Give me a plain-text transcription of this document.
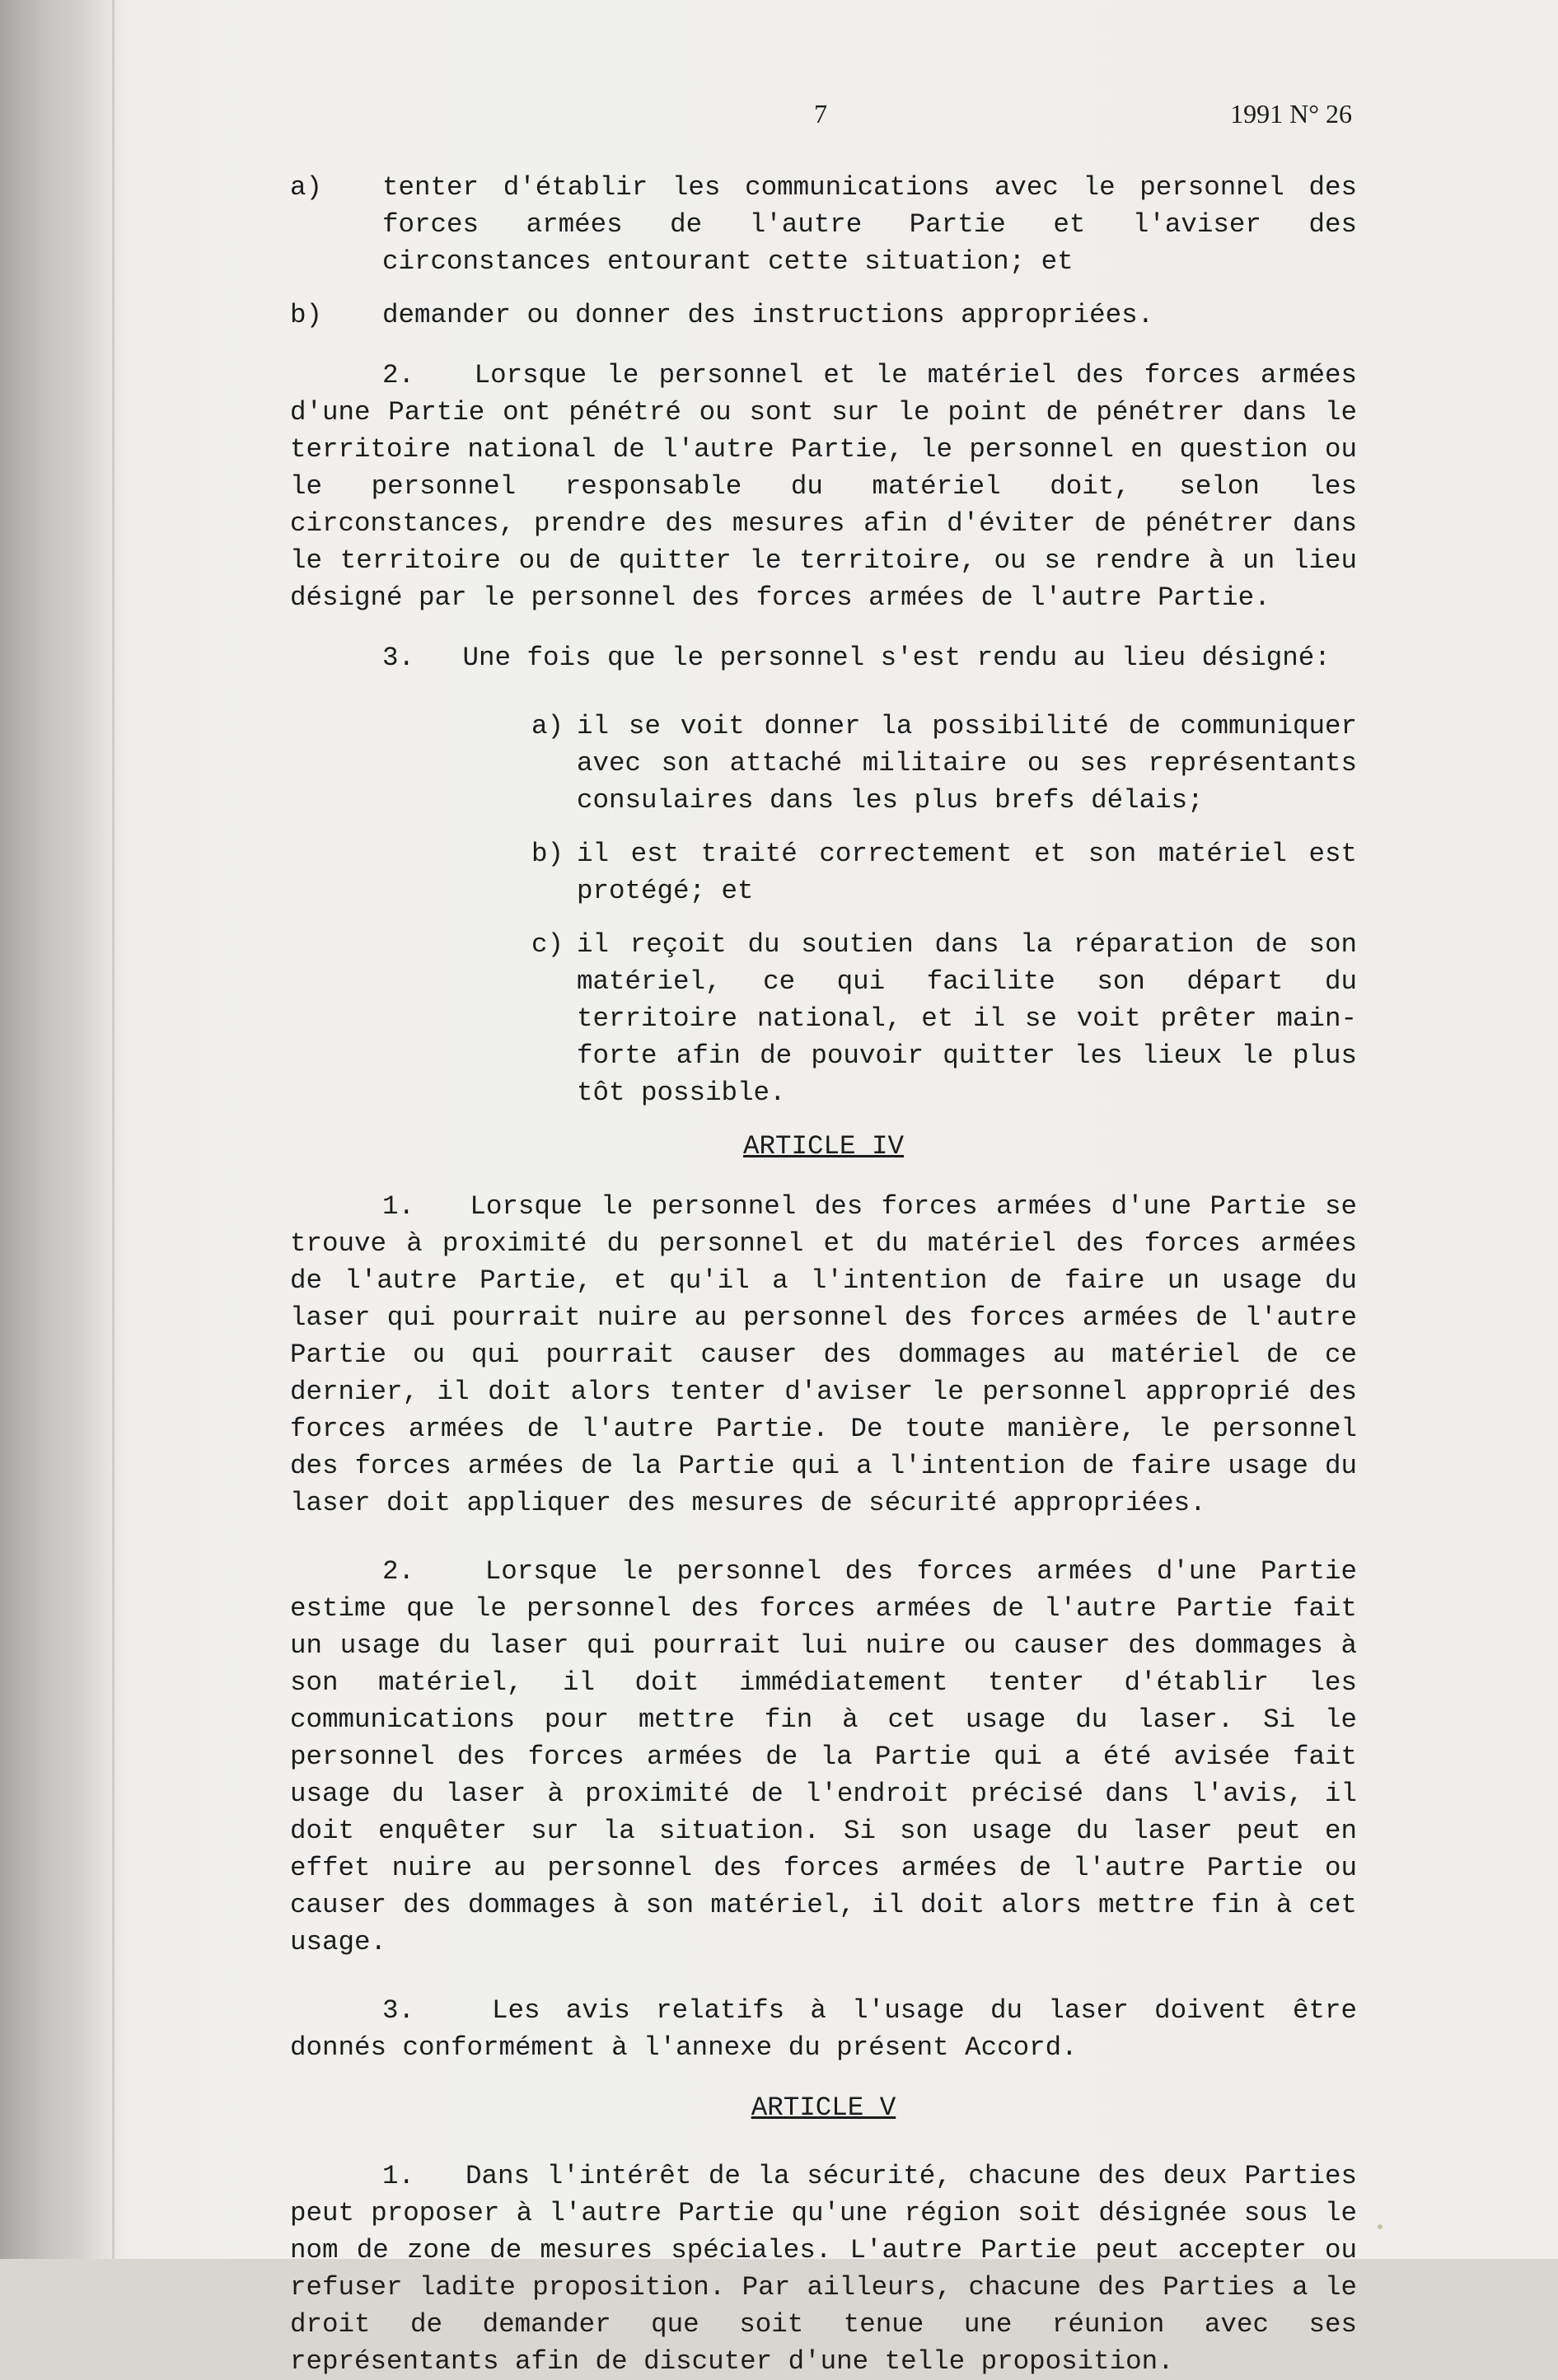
7	1991 N° 26
a)	tenter d'établir les communications avec le personnel des forces armées de l'autre Partie et l'aviser des circonstances entourant cette situation; et
b)	demander ou donner des instructions appropriées.

2. Lorsque le personnel et le matériel des forces armées d'une Partie ont pénétré ou sont sur le point de pénétrer dans le territoire national de l'autre Partie, le personnel en question ou le personnel responsable du matériel doit, selon les circonstances, prendre des mesures afin d'éviter de pénétrer dans le territoire ou de quitter le territoire, ou se rendre à un lieu désigné par le personnel des forces armées de l'autre Partie.

3. Une fois que le personnel s'est rendu au lieu désigné:

a) il se voit donner la possibilité de communiquer avec son attaché militaire ou ses représentants consulaires dans les plus brefs délais;
b) il est traité correctement et son matériel est protégé; et
c) il reçoit du soutien dans la réparation de son matériel, ce qui facilite son départ du territoire national, et il se voit prêter main-forte afin de pouvoir quitter les lieux le plus tôt possible.

ARTICLE IV

1. Lorsque le personnel des forces armées d'une Partie se trouve à proximité du personnel et du matériel des forces armées de l'autre Partie, et qu'il a l'intention de faire un usage du laser qui pourrait nuire au personnel des forces armées de l'autre Partie ou qui pourrait causer des dommages au matériel de ce dernier, il doit alors tenter d'aviser le personnel approprié des forces armées de l'autre Partie. De toute manière, le personnel des forces armées de la Partie qui a l'intention de faire usage du laser doit appliquer des mesures de sécurité appropriées.

2.	Lorsque le personnel des forces armées d'une Partie estime que le personnel des forces armées de l'autre Partie fait un usage du laser qui pourrait lui nuire ou causer des dommages à son matériel, il doit immédiatement tenter d'établir les communications pour mettre fin à cet usage du laser. Si le personnel des forces armées de la Partie qui a été avisée fait usage du laser à proximité de l'endroit précisé dans l'avis, il doit enquêter sur la situation. Si son usage du laser peut en effet nuire au personnel des forces armées de l'autre Partie ou causer des dommages à son matériel, il doit alors mettre fin à cet usage.

3.	Les avis relatifs à l'usage du laser doivent être donnés conformément à l'annexe du présent Accord.

ARTICLE V

1. Dans l'intérêt de la sécurité, chacune des deux Parties peut proposer à l'autre Partie qu'une région soit désignée sous le nom de zone de mesures spéciales. L'autre Partie peut accepter ou refuser ladite proposition. Par ailleurs, chacune des Parties a le droit de demander que soit tenue une réunion avec ses représentants afin de discuter d'une telle proposition.
